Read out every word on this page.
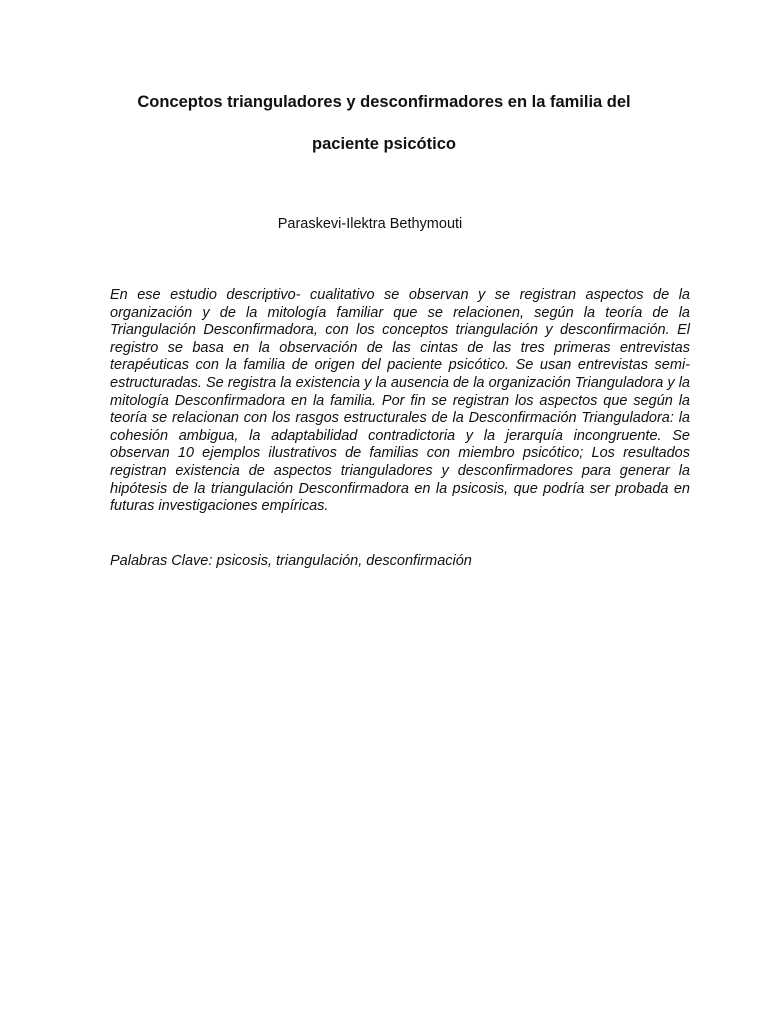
Conceptos trianguladores y desconfirmadores en la familia del
paciente psicótico
Paraskevi-Ilektra Bethymouti

En ese estudio descriptivo- cualitativo se observan y se registran aspectos de la organización y de la mitología familiar que se relacionen, según la teoría de la Triangulación Desconfirmadora, con los conceptos triangulación y desconfirmación. El registro se basa en la observación de las cintas de las tres primeras entrevistas terapéuticas con la familia de origen del paciente psicótico. Se usan entrevistas semi-estructuradas. Se registra la existencia y la ausencia de la organización Trianguladora y la mitología Desconfirmadora en la familia. Por fin se registran los aspectos que según la teoría se relacionan con los rasgos estructurales de la Desconfirmación Trianguladora: la cohesión ambigua, la adaptabilidad contradictoria y la jerarquía incongruente. Se observan 10 ejemplos ilustrativos de familias con miembro psicótico; Los resultados registran existencia de aspectos trianguladores y desconfirmadores para generar la hipótesis de la triangulación Desconfirmadora en la psicosis, que podría ser probada en futuras investigaciones empíricas.

Palabras Clave: psicosis, triangulación, desconfirmación
